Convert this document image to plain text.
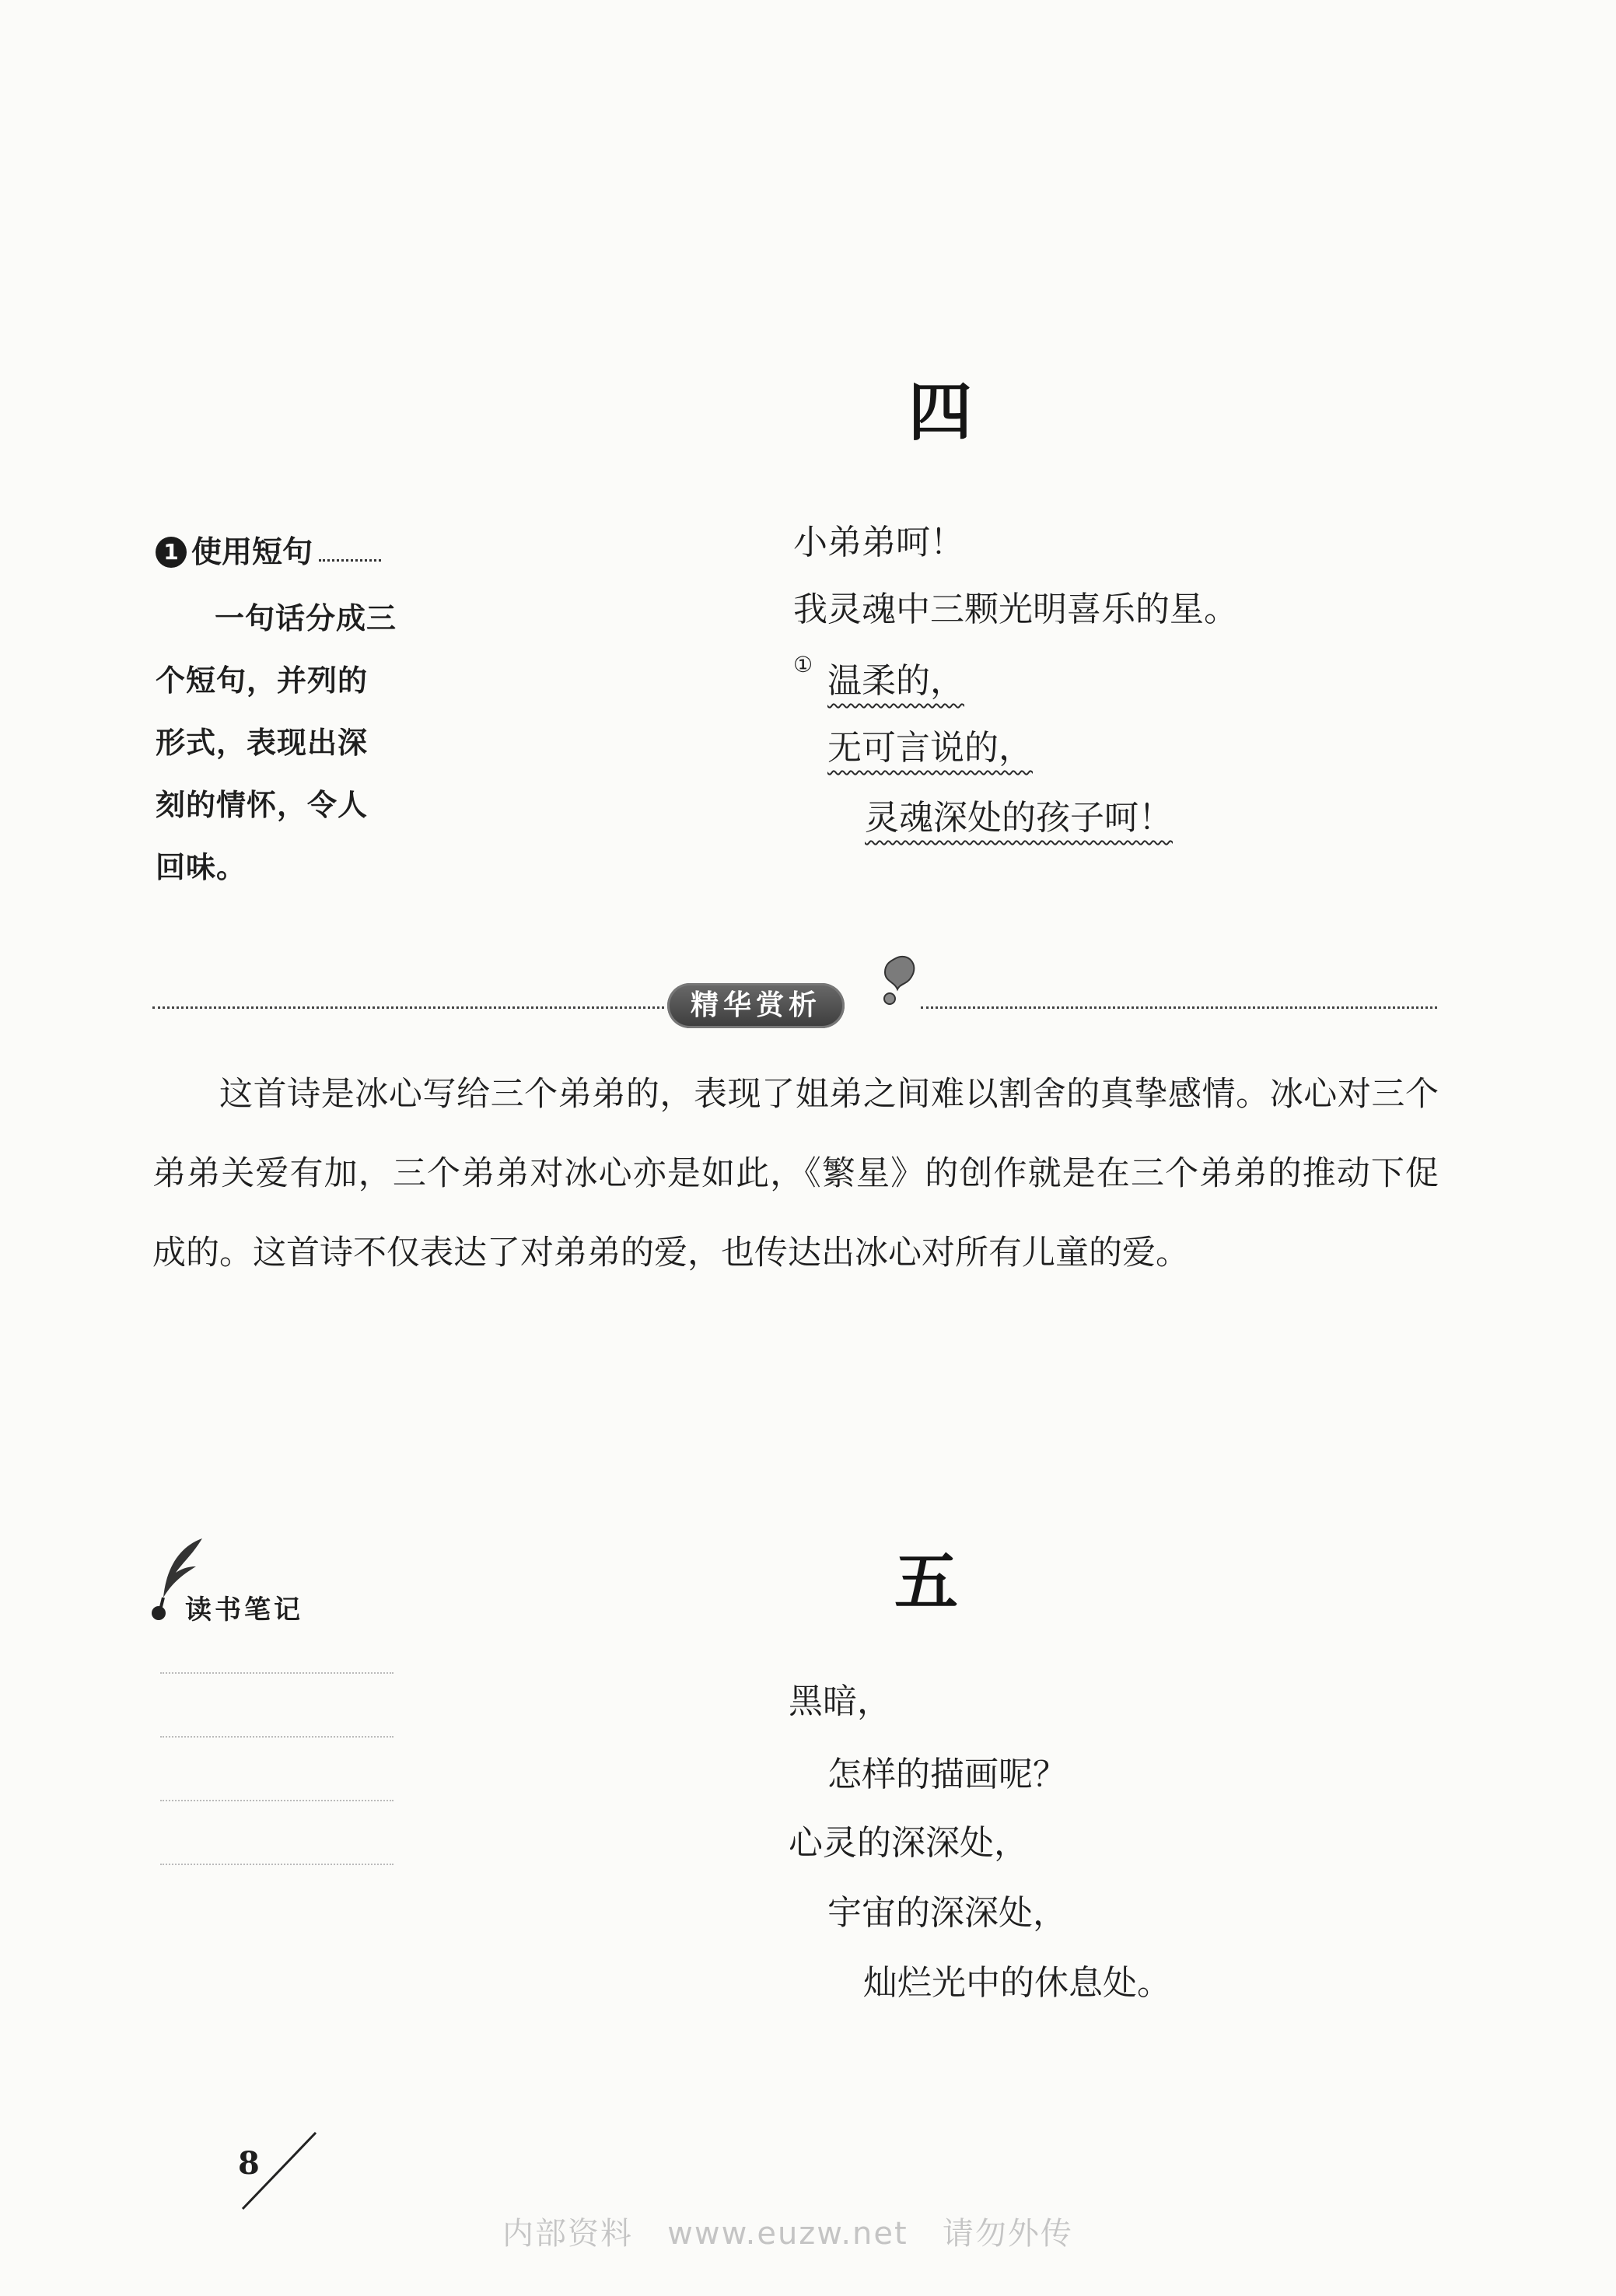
四
1 使用短句
一句话分成三个短句，并列的形式，表现出深刻的情怀，令人回味。
小弟弟呵！
我灵魂中三颗光明喜乐的星。
① 温柔的，
无可言说的，
灵魂深处的孩子呵！
精华赏析
这首诗是冰心写给三个弟弟的，表现了姐弟之间难以割舍的真挚感情。冰心对三个弟弟关爱有加，三个弟弟对冰心亦是如此，《繁星》的创作就是在三个弟弟的推动下促成的。这首诗不仅表达了对弟弟的爱，也传达出冰心对所有儿童的爱。
读书笔记	五
黑暗，
怎样的描画呢？
心灵的深深处，
宇宙的深深处，
灿烂光中的休息处。
8
内部资料   www.euzw.net   请勿外传
